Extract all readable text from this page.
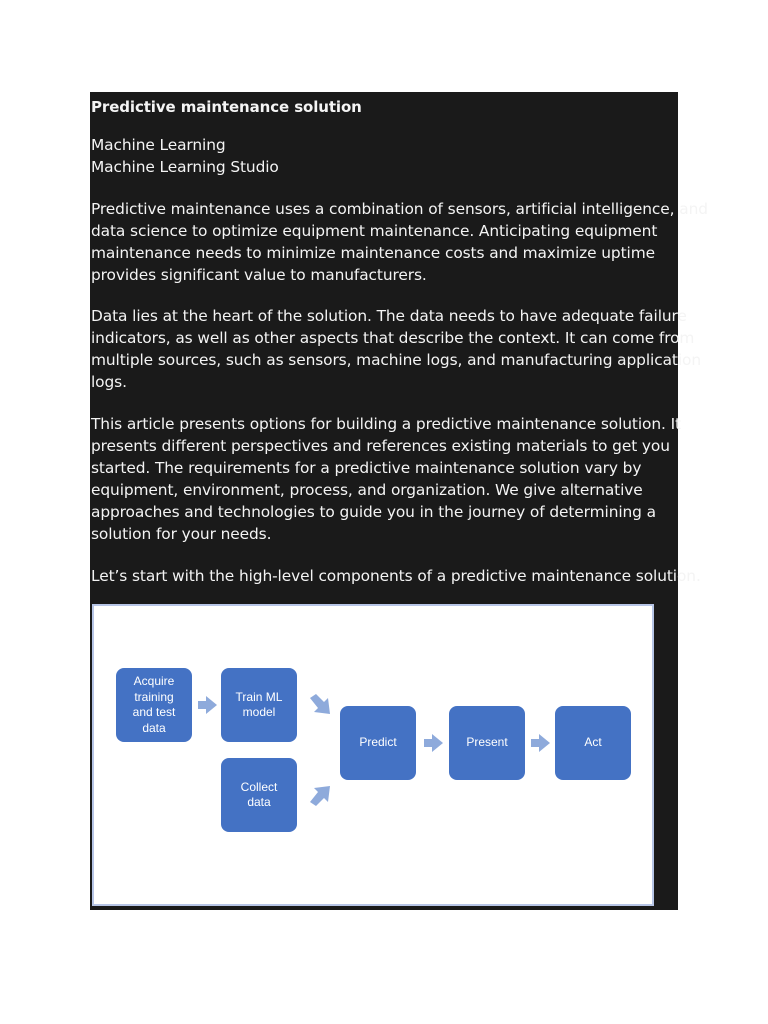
Predictive maintenance solution
Machine Learning
Machine Learning Studio
Predictive maintenance uses a combination of sensors, artificial intelligence, and
data science to optimize equipment maintenance. Anticipating equipment
maintenance needs to minimize maintenance costs and maximize uptime
provides significant value to manufacturers.
Data lies at the heart of the solution. The data needs to have adequate failure
indicators, as well as other aspects that describe the context. It can come from
multiple sources, such as sensors, machine logs, and manufacturing application
logs.
This article presents options for building a predictive maintenance solution. It
presents different perspectives and references existing materials to get you
started. The requirements for a predictive maintenance solution vary by
equipment, environment, process, and organization. We give alternative
approaches and technologies to guide you in the journey of determining a
solution for your needs.
Let’s start with the high-level components of a predictive maintenance solution.
Acquire
training
and test
data
Train ML
model
Collect
data
Predict	Present	Act
